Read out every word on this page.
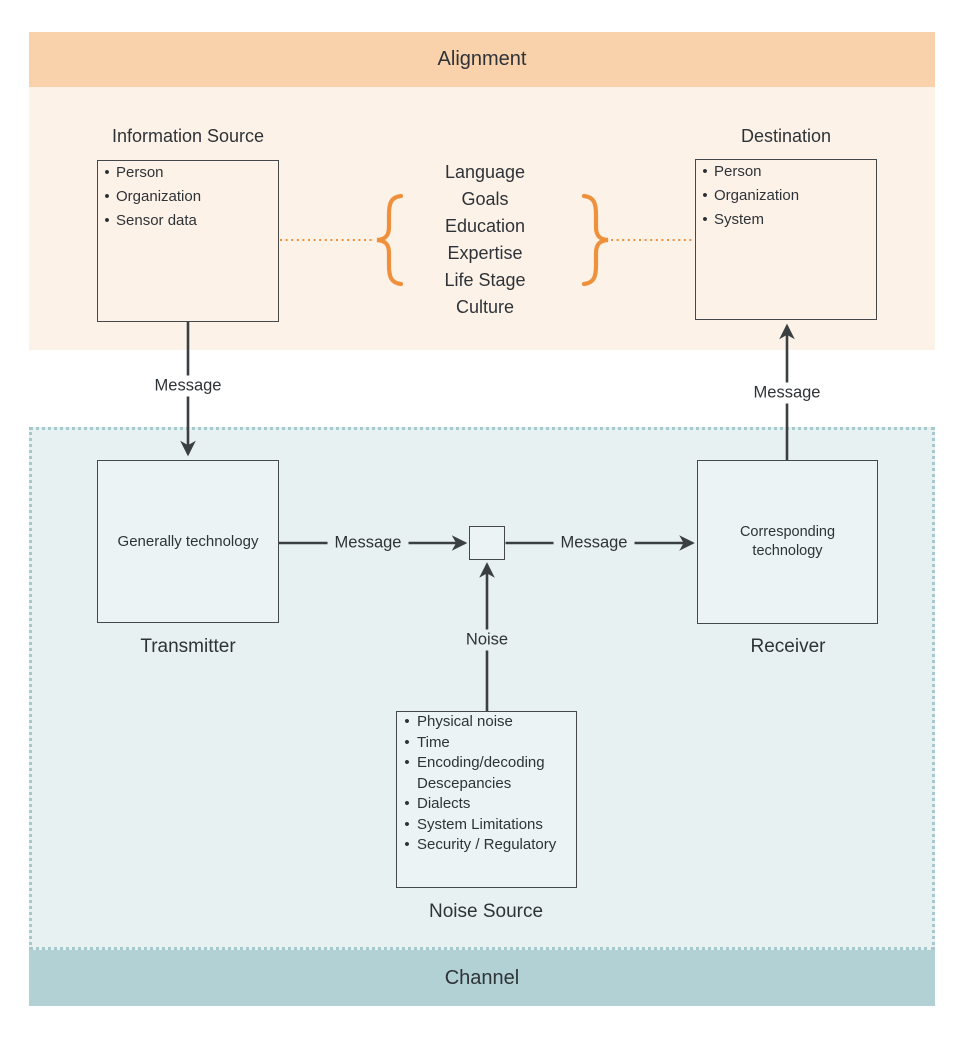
Alignment
Channel
Information Source	Destination
• Person
• Organization
• Sensor data
• Person
• Organization
• System
Language
Goals
Education
Expertise
Life Stage
Culture
Generally technology
Transmitter
Corresponding technology
Receiver
• Physical noise
• Time
• Encoding/decoding
Descepancies
• Dialects
• System Limitations
• Security / Regulatory
Noise Source
Message	Message
Message	Message
Noise
